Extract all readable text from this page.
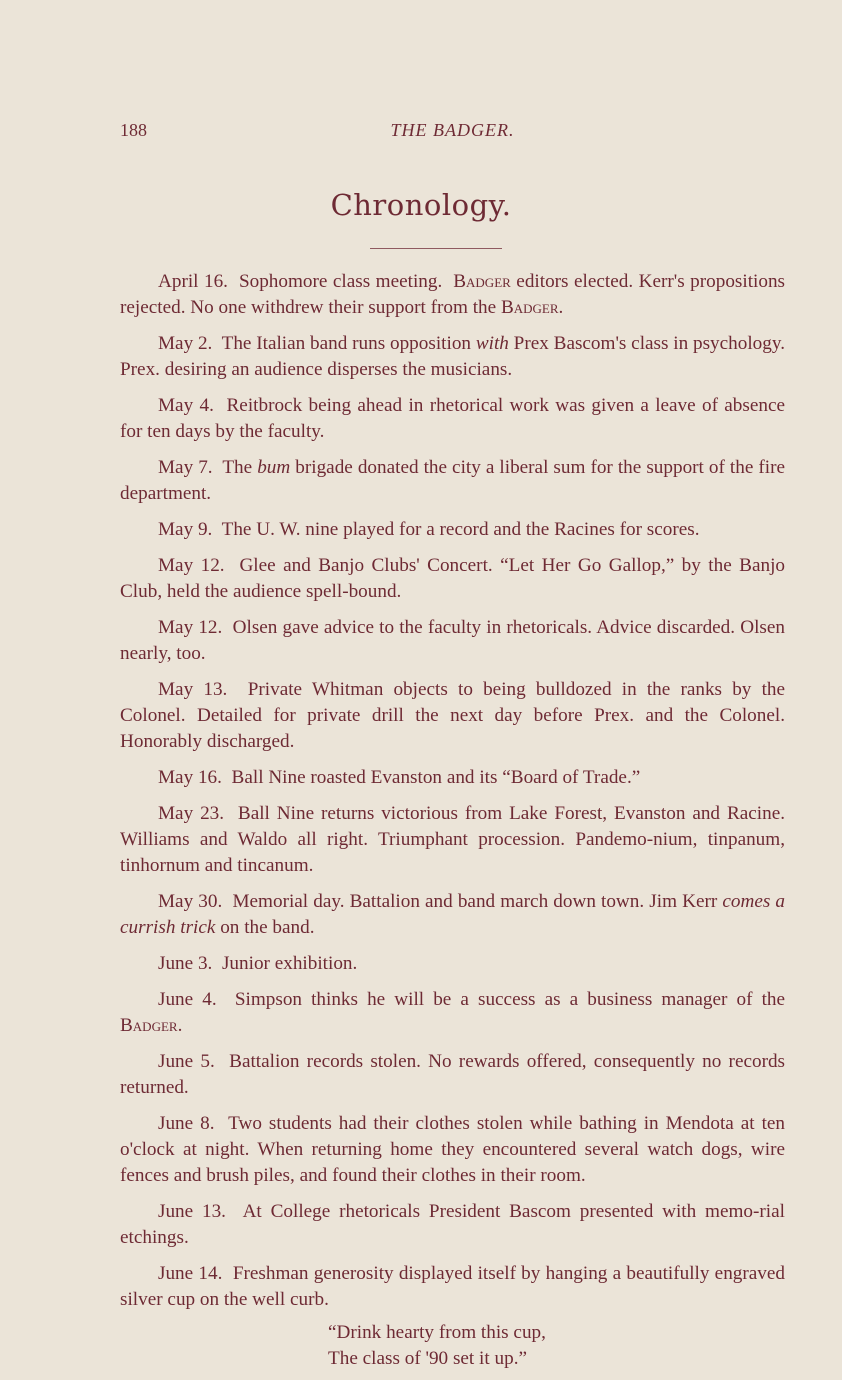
188	THE BADGER.
Chronology.

April 16. Sophomore class meeting. Badger editors elected. Kerr's propositions rejected. No one withdrew their support from the Badger.

May 2. The Italian band runs opposition with Prex Bascom's class in psychology. Prex. desiring an audience disperses the musicians.

May 4. Reitbrock being ahead in rhetorical work was given a leave of absence for ten days by the faculty.

May 7. The bum brigade donated the city a liberal sum for the support of the fire department.

May 9. The U. W. nine played for a record and the Racines for scores.

May 12. Glee and Banjo Clubs' Concert. “Let Her Go Gallop,” by the Banjo Club, held the audience spell-bound.

May 12. Olsen gave advice to the faculty in rhetoricals. Advice discarded. Olsen nearly, too.

May 13. Private Whitman objects to being bulldozed in the ranks by the Colonel. Detailed for private drill the next day before Prex. and the Colonel. Honorably discharged.

May 16. Ball Nine roasted Evanston and its “Board of Trade.”

May 23. Ball Nine returns victorious from Lake Forest, Evanston and Racine. Williams and Waldo all right. Triumphant procession. Pandemo-nium, tinpanum, tinhornum and tincanum.

May 30. Memorial day. Battalion and band march down town. Jim Kerr comes a currish trick on the band.

June 3. Junior exhibition.

June 4. Simpson thinks he will be a success as a business manager of the Badger.

June 5. Battalion records stolen. No rewards offered, consequently no records returned.

June 8. Two students had their clothes stolen while bathing in Mendota at ten o'clock at night. When returning home they encountered several watch dogs, wire fences and brush piles, and found their clothes in their room.

June 13. At College rhetoricals President Bascom presented with memo-rial etchings.

June 14. Freshman generosity displayed itself by hanging a beautifully engraved silver cup on the well curb.

“Drink hearty from this cup,
The class of '90 set it up.”
